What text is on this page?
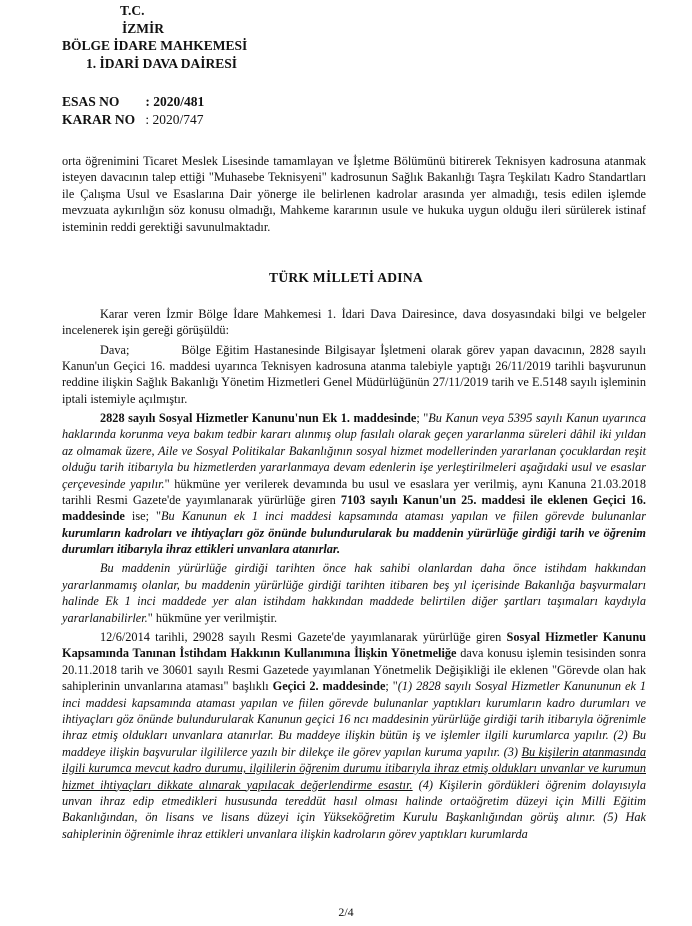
T.C.
İZMİR
BÖLGE İDARE MAHKEMESİ
1. İDARİ DAVA DAİRESİ
ESAS NO : 2020/481
KARAR NO : 2020/747

orta öğrenimini Ticaret Meslek Lisesinde tamamlayan ve İşletme Bölümünü bitirerek Teknisyen kadrosuna atanmak isteyen davacının talep ettiği "Muhasebe Teknisyeni" kadrosunun Sağlık Bakanlığı Taşra Teşkilatı Kadro Standartları ile Çalışma Usul ve Esaslarına Dair yönerge ile belirlenen kadrolar arasında yer almadığı, tesis edilen işlemde mevzuata aykırılığın söz konusu olmadığı, Mahkeme kararının usule ve hukuka uygun olduğu ileri sürülerek istinaf isteminin reddi gerektiği savunulmaktadır.

TÜRK MİLLETİ ADINA

Karar veren İzmir Bölge İdare Mahkemesi 1. İdari Dava Dairesince, dava dosyasındaki bilgi ve belgeler incelenerek işin gereği görüşüldü:

Dava;	Bölge Eğitim Hastanesinde Bilgisayar İşletmeni olarak görev yapan davacının, 2828 sayılı Kanun'un Geçici 16. maddesi uyarınca Teknisyen kadrosuna atanma talebiyle yaptığı 26/11/2019 tarihli başvurunun reddine ilişkin Sağlık Bakanlığı Yönetim Hizmetleri Genel Müdürlüğünün 27/11/2019 tarih ve E.5148 sayılı işleminin iptali istemiyle açılmıştır.

2828 sayılı Sosyal Hizmetler Kanunu'nun Ek 1. maddesinde; "Bu Kanun veya 5395 sayılı Kanun uyarınca haklarında korunma veya bakım tedbir kararı alınmış olup fasılalı olarak geçen yararlanma süreleri dâhil iki yıldan az olmamak üzere, Aile ve Sosyal Politikalar Bakanlığının sosyal hizmet modellerinden yararlanan çocuklardan reşit olduğu tarih itibarıyla bu hizmetlerden yararlanmaya devam edenlerin işe yerleştirilmeleri aşağıdaki usul ve esaslar çerçevesinde yapılır." hükmüne yer verilerek devamında bu usul ve esaslara yer verilmiş, aynı Kanuna 21.03.2018 tarihli Resmi Gazete'de yayımlanarak yürürlüğe giren 7103 sayılı Kanun'un 25. maddesi ile eklenen Geçici 16. maddesinde ise; "Bu Kanunun ek 1 inci maddesi kapsamında ataması yapılan ve fiilen görevde bulunanlar kurumların kadroları ve ihtiyaçları göz önünde bulundurularak bu maddenin yürürlüğe girdiği tarih ve öğrenim durumları itibarıyla ihraz ettikleri unvanlara atanırlar.

Bu maddenin yürürlüğe girdiği tarihten önce hak sahibi olanlardan daha önce istihdam hakkından yararlanmamış olanlar, bu maddenin yürürlüğe girdiği tarihten itibaren beş yıl içerisinde Bakanlığa başvurmaları halinde Ek 1 inci maddede yer alan istihdam hakkından maddede belirtilen diğer şartları taşımaları kaydıyla yararlanabilirler." hükmüne yer verilmiştir.

12/6/2014 tarihli, 29028 sayılı Resmi Gazete'de yayımlanarak yürürlüğe giren Sosyal Hizmetler Kanunu Kapsamında Tanınan İstihdam Hakkının Kullanımına İlişkin Yönetmeliğe dava konusu işlemin tesisinden sonra 20.11.2018 tarih ve 30601 sayılı Resmi Gazetede yayımlanan Yönetmelik Değişikliği ile eklenen "Görevde olan hak sahiplerinin unvanlarına ataması" başlıklı Geçici 2. maddesinde; "(1) 2828 sayılı Sosyal Hizmetler Kanununun ek 1 inci maddesi kapsamında ataması yapılan ve fiilen görevde bulunanlar yaptıkları kurumların kadro durumları ve ihtiyaçları göz önünde bulundurularak Kanunun geçici 16 ncı maddesinin yürürlüğe girdiği tarih itibarıyla öğrenimle ihraz etmiş oldukları unvanlara atanırlar. Bu maddeye ilişkin bütün iş ve işlemler ilgili kurumlarca yapılır. (2) Bu maddeye ilişkin başvurular ilgililerce yazılı bir dilekçe ile görev yapılan kuruma yapılır. (3) Bu kişilerin atanmasında ilgili kurumca mevcut kadro durumu, ilgililerin öğrenim durumu itibarıyla ihraz etmiş oldukları unvanlar ve kurumun hizmet ihtiyaçları dikkate alınarak yapılacak değerlendirme esastır. (4) Kişilerin gördükleri öğrenim dolayısıyla unvan ihraz edip etmedikleri hususunda tereddüt hasıl olması halinde ortaöğretim düzeyi için Milli Eğitim Bakanlığından, ön lisans ve lisans düzeyi için Yükseköğretim Kurulu Başkanlığından görüş alınır. (5) Hak sahiplerinin öğrenimle ihraz ettikleri unvanlara ilişkin kadroların görev yaptıkları kurumlarda

2/4
